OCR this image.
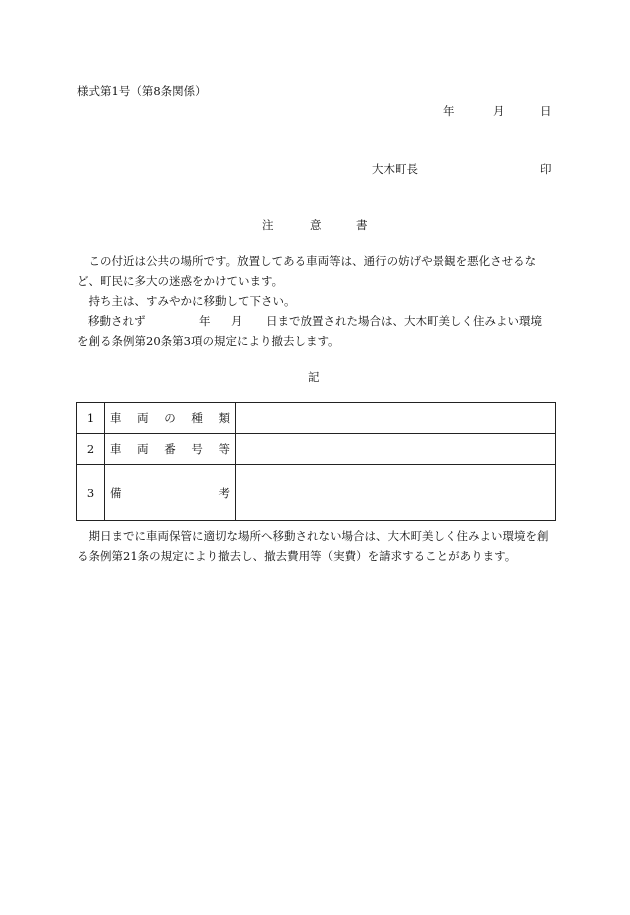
様式第1号（第8条関係）
年	月	日
大木町長	印
注	意	書
この付近は公共の場所です。放置してある車両等は、通行の妨げや景観を悪化させるなど、町民に多大の迷惑をかけています。
持ち主は、すみやかに移動して下さい。
移動されず	年 月 日まで放置された場合は、大木町美しく住みよい環境
を創る条例第20条第3項の規定により撤去します。
記
1	車 両 の 種 類	

2	車 両 番 号 等	

3	備 考	

期日までに車両保管に適切な場所へ移動されない場合は、大木町美しく住みよい環境を創る条例第21条の規定により撤去し、撤去費用等（実費）を請求することがあります。
